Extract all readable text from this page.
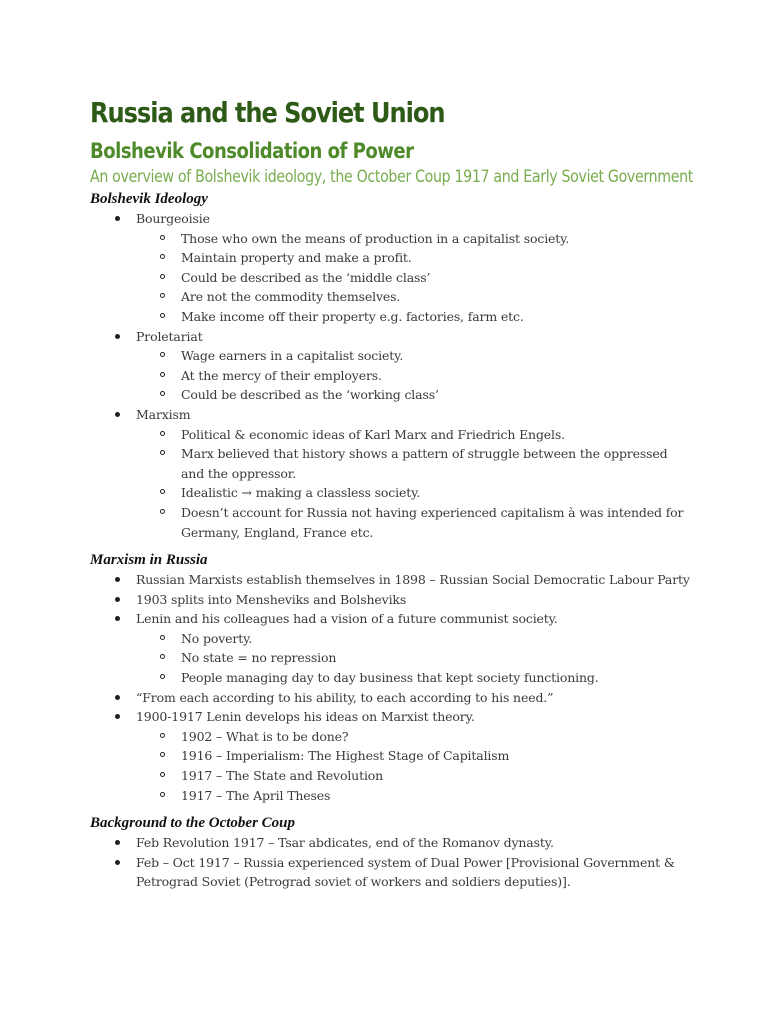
Russia and the Soviet Union
Bolshevik Consolidation of Power
An overview of Bolshevik ideology, the October Coup 1917 and Early Soviet Government
Bolshevik Ideology
Bourgeoisie
Those who own the means of production in a capitalist society.
Maintain property and make a profit.
Could be described as the ‘middle class’
Are not the commodity themselves.
Make income off their property e.g. factories, farm etc.
Proletariat
Wage earners in a capitalist society.
At the mercy of their employers.
Could be described as the ‘working class’
Marxism
Political & economic ideas of Karl Marx and Friedrich Engels.
Marx believed that history shows a pattern of struggle between the oppressed and the oppressor.
Idealistic → making a classless society.
Doesn’t account for Russia not having experienced capitalism à was intended for Germany, England, France etc.
Marxism in Russia
Russian Marxists establish themselves in 1898 – Russian Social Democratic Labour Party
1903 splits into Mensheviks and Bolsheviks
Lenin and his colleagues had a vision of a future communist society.
No poverty.
No state = no repression
People managing day to day business that kept society functioning.
“From each according to his ability, to each according to his need.”
1900-1917 Lenin develops his ideas on Marxist theory.
1902 – What is to be done?
1916 – Imperialism: The Highest Stage of Capitalism
1917 – The State and Revolution
1917 – The April Theses
Background to the October Coup
Feb Revolution 1917 – Tsar abdicates, end of the Romanov dynasty.
Feb – Oct 1917 – Russia experienced system of Dual Power [Provisional Government & Petrograd Soviet (Petrograd soviet of workers and soldiers deputies)].
